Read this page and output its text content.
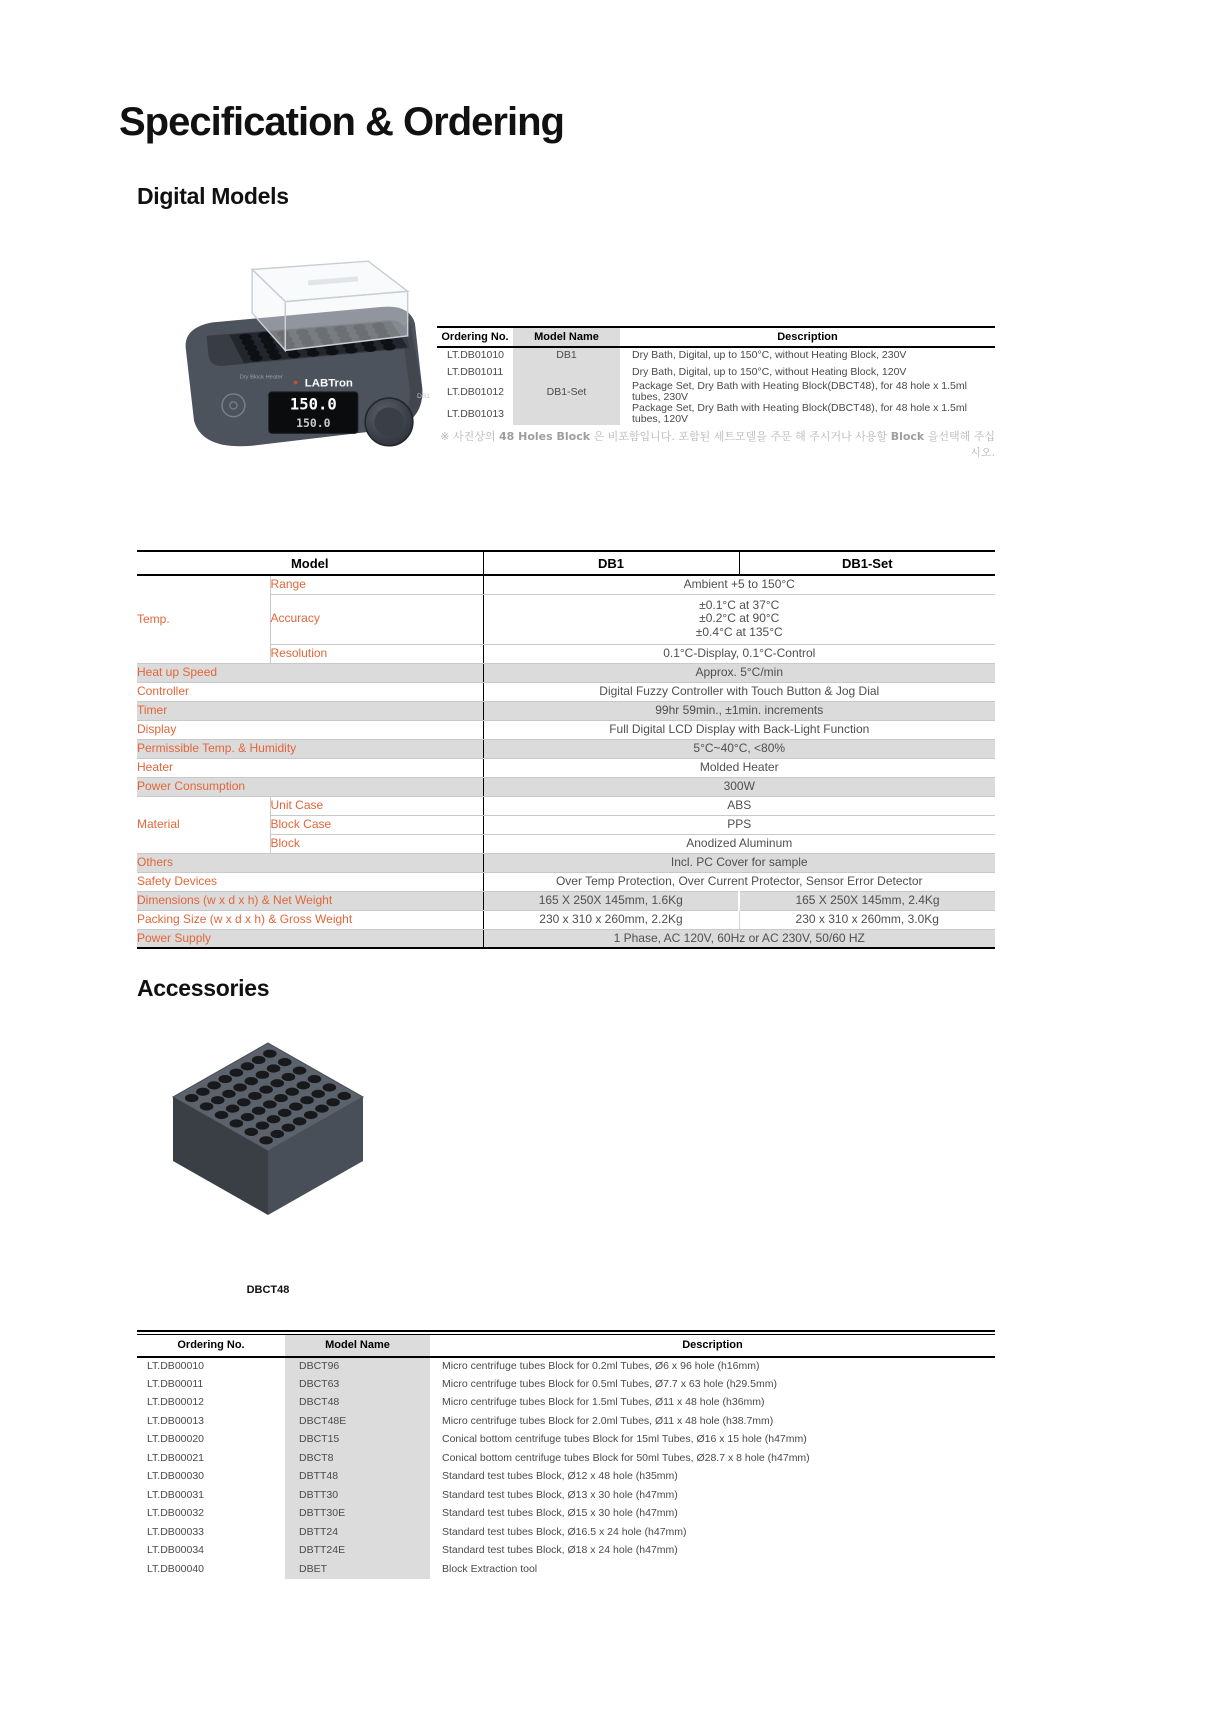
Specification & Ordering
Digital Models
Dry Block Heater
LABTron
DB1
150.0
150.0
Ordering No.	Model Name	Description
LT.DB01010	DB1	Dry Bath, Digital, up to 150°C, without Heating Block, 230V
LT.DB01011		Dry Bath, Digital, up to 150°C, without Heating Block, 120V
LT.DB01012	DB1-Set	Package Set, Dry Bath with Heating Block(DBCT48), for 48 hole x 1.5ml tubes, 230V
LT.DB01013		Package Set, Dry Bath with Heating Block(DBCT48), for 48 hole x 1.5ml tubes, 120V
※ 사진상의 48 Holes Block 은 비포함입니다. 포함된 세트모델을 주문 해 주시거나 사용할 Block 을선택해 주십시오.
Model		DB1	DB1-Set
Temp.	Range	Ambient +5 to 150°C	
	Accuracy	±0.1°C at 37°C
±0.2°C at 90°C
±0.4°C at 135°C	

	Resolution	0.1°C-Display, 0.1°C-Control	
Heat up Speed		Approx. 5°C/min	
Controller		Digital Fuzzy Controller with Touch Button & Jog Dial	
Timer		99hr 59min., ±1min. increments	
Display		Full Digital LCD Display with Back-Light Function	
Permissible Temp. & Humidity		5°C~40°C, <80%	
Heater		Molded Heater	
Power Consumption		300W	
Material	Unit Case	ABS	
	Block Case	PPS	
	Block	Anodized Aluminum	
Others		Incl. PC Cover for sample	
Safety Devices		Over Temp Protection, Over Current Protector, Sensor Error Detector	
Dimensions (w x d x h) & Net Weight		165 X 250X 145mm, 1.6Kg	165 X 250X 145mm, 2.4Kg
Packing Size (w x d x h) & Gross Weight		230 x 310 x 260mm, 2.2Kg	230 x 310 x 260mm, 3.0Kg
Power Supply		1 Phase, AC 120V, 60Hz or AC 230V, 50/60 HZ	
Accessories
DBCT48
Ordering No.	Model Name	Description
LT.DB00010	DBCT96	Micro centrifuge tubes Block for 0.2ml Tubes, Ø6 x 96 hole (h16mm)
LT.DB00011	DBCT63	Micro centrifuge tubes Block for 0.5ml Tubes, Ø7.7 x 63 hole (h29.5mm)
LT.DB00012	DBCT48	Micro centrifuge tubes Block for 1.5ml Tubes, Ø11 x 48 hole (h36mm)
LT.DB00013	DBCT48E	Micro centrifuge tubes Block for 2.0ml Tubes, Ø11 x 48 hole (h38.7mm)
LT.DB00020	DBCT15	Conical bottom centrifuge tubes Block for 15ml Tubes, Ø16 x 15 hole (h47mm)
LT.DB00021	DBCT8	Conical bottom centrifuge tubes Block for 50ml Tubes, Ø28.7 x 8 hole (h47mm)
LT.DB00030	DBTT48	Standard test tubes Block, Ø12 x 48 hole (h35mm)
LT.DB00031	DBTT30	Standard test tubes Block, Ø13 x 30 hole (h47mm)
LT.DB00032	DBTT30E	Standard test tubes Block, Ø15 x 30 hole (h47mm)
LT.DB00033	DBTT24	Standard test tubes Block, Ø16.5 x 24 hole (h47mm)
LT.DB00034	DBTT24E	Standard test tubes Block, Ø18 x 24 hole (h47mm)
LT.DB00040	DBET	Block Extraction tool
